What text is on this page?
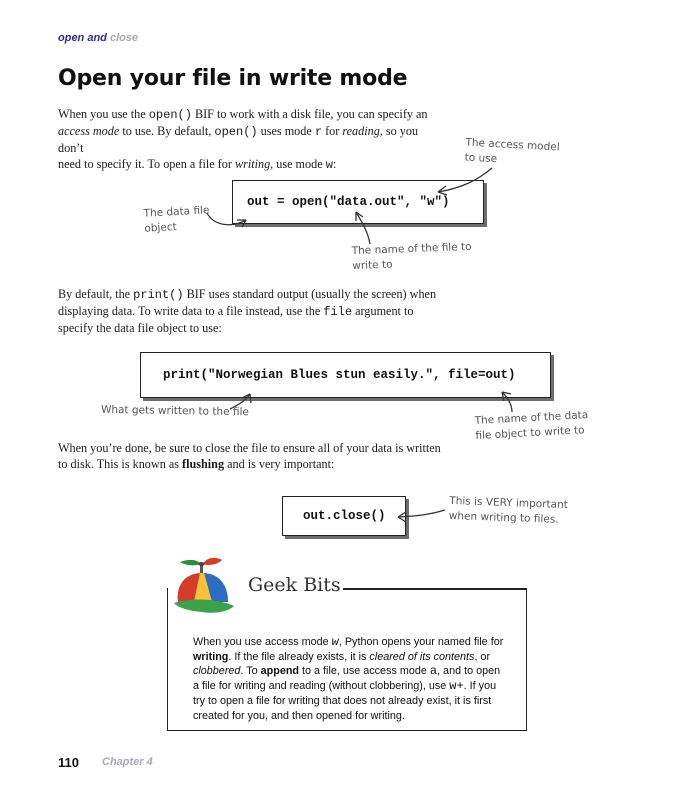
open and close
Open your file in write mode
When you use the open() BIF to work with a disk file, you can specify an
access mode to use. By default, open() uses mode r for reading, so you don’t
need to specify it. To open a file for writing, use mode w:
out = open("data.out", "w")
The access model
to use
The data file
object
The name of the file to
write to
By default, the print() BIF uses standard output (usually the screen) when
displaying data. To write data to a file instead, use the file argument to
specify the data file object to use:
print("Norwegian Blues stun easily.", file=out)
What gets written to the file	The name of the data
file object to write to
When you’re done, be sure to close the file to ensure all of your data is written
to disk. This is known as flushing and is very important:
out.close()
This is VERY important
when writing to files.
Geek Bits
When you use access mode w, Python opens your named file for writing. If the file already exists, it is cleared of its contents, or clobbered. To append to a file, use access mode a, and to open a file for writing and reading (without clobbering), use w+. If you try to open a file for writing that does not already exist, it is first created for you, and then opened for writing.
110 Chapter 4
